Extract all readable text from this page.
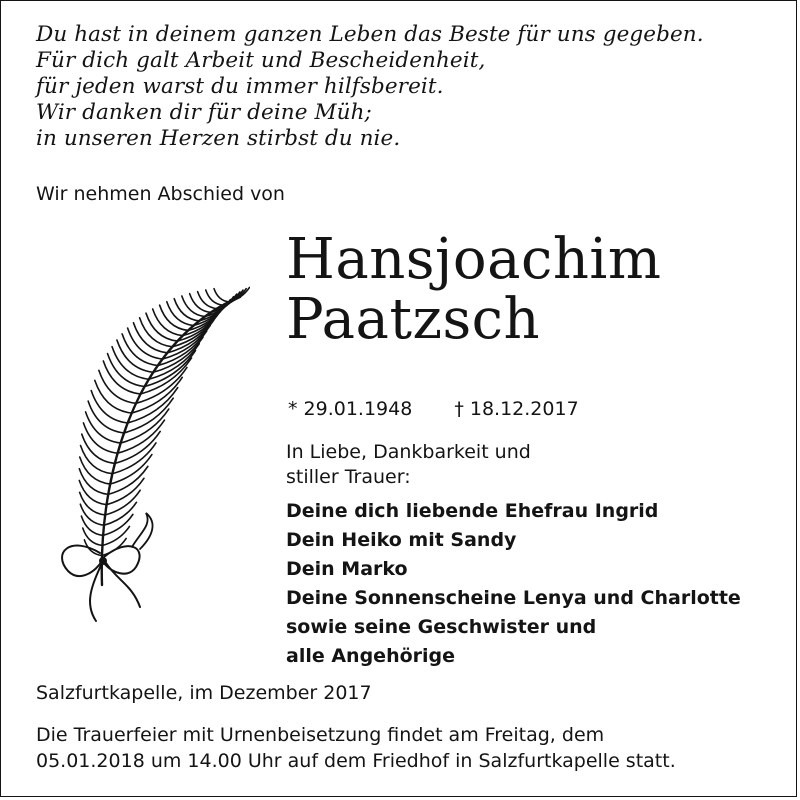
Du hast in deinem ganzen Leben das Beste für uns gegeben.
Für dich galt Arbeit und Bescheidenheit,
für jeden warst du immer hilfsbereit.
Wir danken dir für deine Müh;
in unseren Herzen stirbst du nie.
Wir nehmen Abschied von
Hansjoachim
Paatzsch
* 29.01.1948 † 18.12.2017
In Liebe, Dankbarkeit und
stiller Trauer:
Deine dich liebende Ehefrau Ingrid
Dein Heiko mit Sandy
Dein Marko
Deine Sonnenscheine Lenya und Charlotte
sowie seine Geschwister und
alle Angehörige
Salzfurtkapelle, im Dezember 2017
Die Trauerfeier mit Urnenbeisetzung findet am Freitag, dem
05.01.2018 um 14.00 Uhr auf dem Friedhof in Salzfurtkapelle statt.
